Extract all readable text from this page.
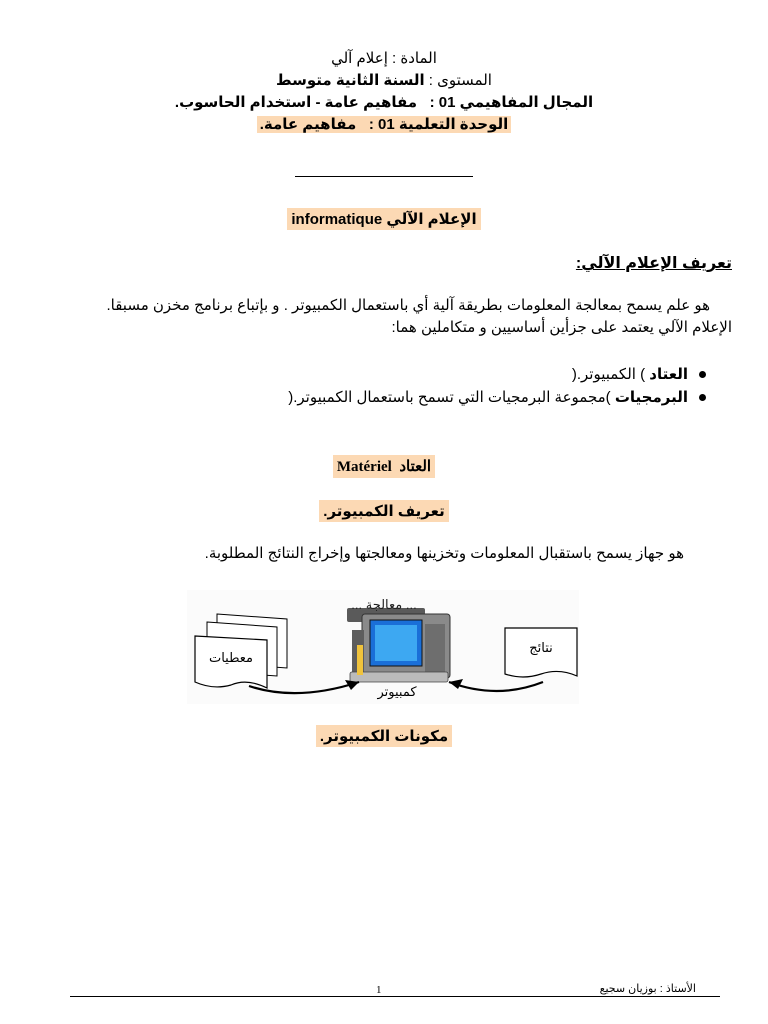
المادة : إعلام آلي
المستوى : السنة الثانية متوسط
المجال المفاهيمي 01 :   مفاهيم عامة - استخدام الحاسوب.
الوحدة التعلمية 01 :   مفاهيم عامة.
الإعلام الآلي informatique
تعريف الإعلام الآلي:
هو علم يسمح بمعالجة المعلومات بطريقة آلية أي باستعمال الكمبيوتر . و بإتباع برنامج مخزن مسبقا.
الإعلام الآلي يعتمد على جزأين أساسيين و متكاملين هما:
العتاد ) الكمبيوتر.(
البرمجيات )مجموعة البرمجيات التي تسمح باستعمال الكمبيوتر.(
العتاد  Matériel
تعريف الكمبيوتر.
هو جهاز يسمح باستقبال المعلومات وتخزينها ومعالجتها وإخراج النتائج المطلوبة.
معطيات
... معالجة ...
كمبيوتر
نتائج
مكونات الكمبيوتر.
الأستاذ : بوزيان سجيع
1
